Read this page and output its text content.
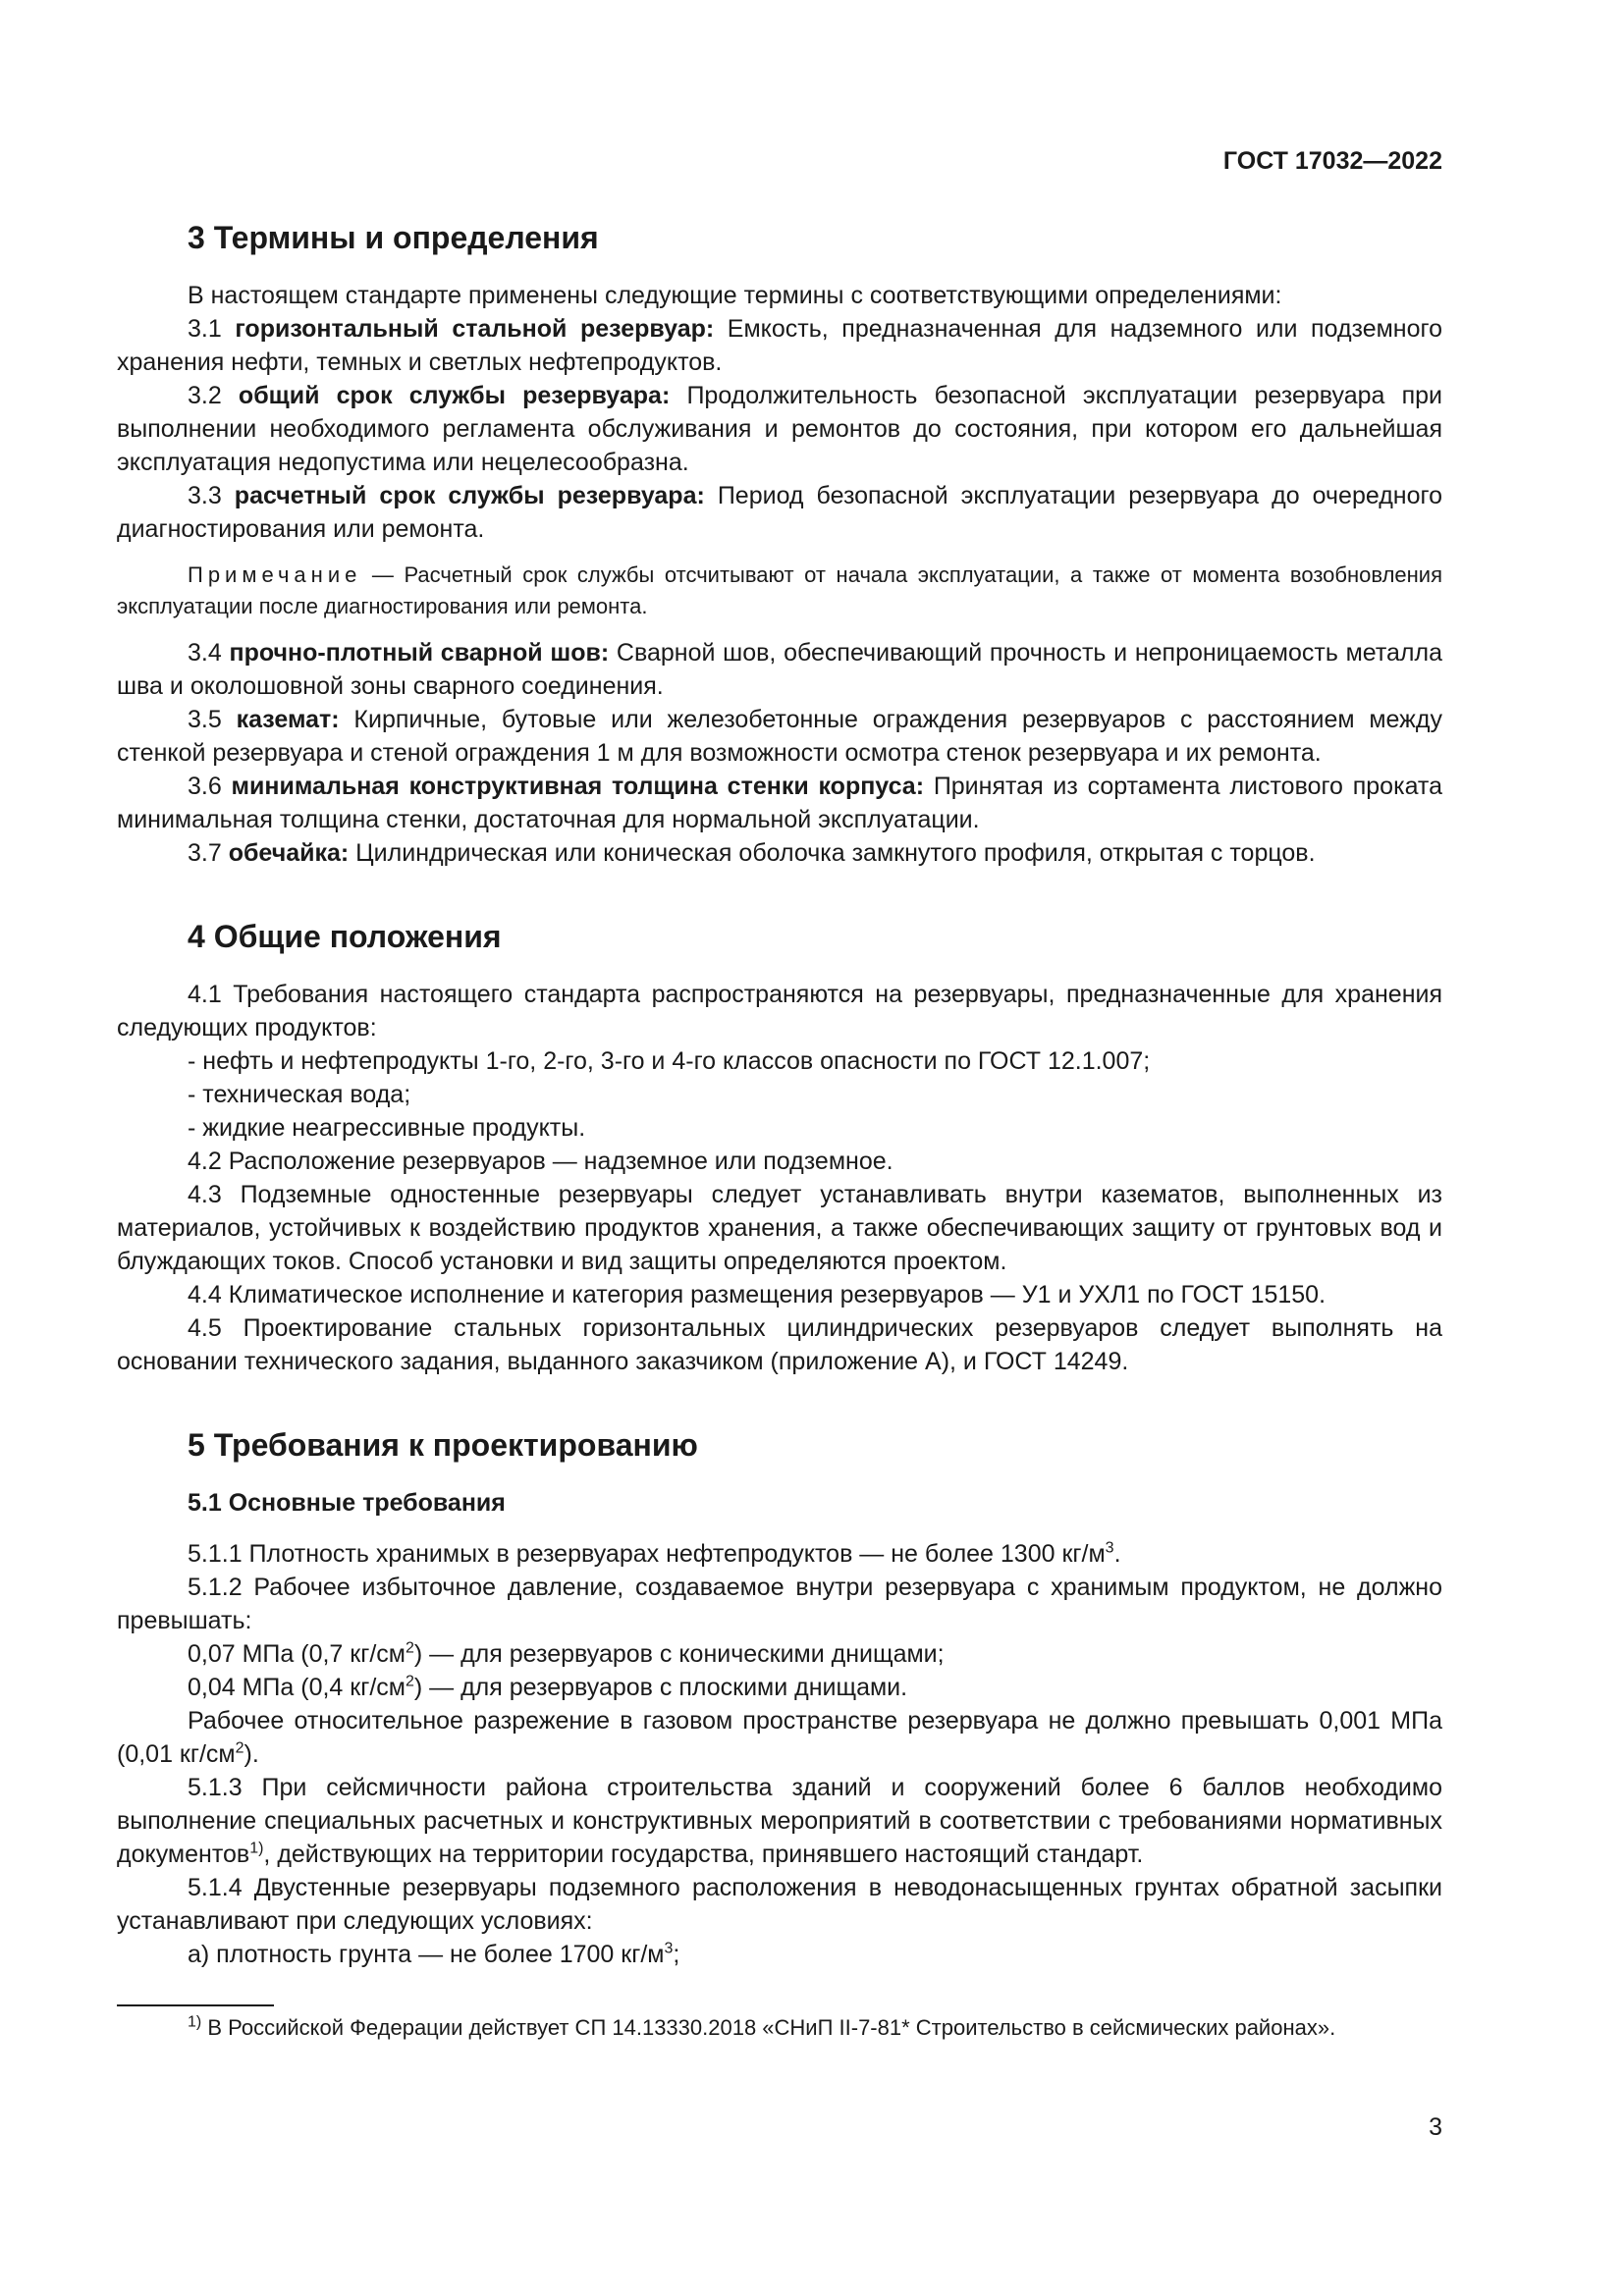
ГОСТ 17032—2022
3 Термины и определения

В настоящем стандарте применены следующие термины с соответствующими определениями:

3.1 горизонтальный стальной резервуар: Емкость, предназначенная для надземного или подземного хранения нефти, темных и светлых нефтепродуктов.

3.2 общий срок службы резервуара: Продолжительность безопасной эксплуатации резервуара при выполнении необходимого регламента обслуживания и ремонтов до состояния, при котором его дальнейшая эксплуатация недопустима или нецелесообразна.

3.3 расчетный срок службы резервуара: Период безопасной эксплуатации резервуара до очередного диагностирования или ремонта.

Примечание — Расчетный срок службы отсчитывают от начала эксплуатации, а также от момента возобновления эксплуатации после диагностирования или ремонта.

3.4 прочно-плотный сварной шов: Сварной шов, обеспечивающий прочность и непроницаемость металла шва и околошовной зоны сварного соединения.

3.5 каземат: Кирпичные, бутовые или железобетонные ограждения резервуаров с расстоянием между стенкой резервуара и стеной ограждения 1 м для возможности осмотра стенок резервуара и их ремонта.

3.6 минимальная конструктивная толщина стенки корпуса: Принятая из сортамента листового проката минимальная толщина стенки, достаточная для нормальной эксплуатации.

3.7 обечайка: Цилиндрическая или коническая оболочка замкнутого профиля, открытая с торцов.

4 Общие положения

4.1 Требования настоящего стандарта распространяются на резервуары, предназначенные для хранения следующих продуктов:

- нефть и нефтепродукты 1-го, 2-го, 3-го и 4-го классов опасности по ГОСТ 12.1.007;

- техническая вода;

- жидкие неагрессивные продукты.

4.2 Расположение резервуаров — надземное или подземное.

4.3 Подземные одностенные резервуары следует устанавливать внутри казематов, выполненных из материалов, устойчивых к воздействию продуктов хранения, а также обеспечивающих защиту от грунтовых вод и блуждающих токов. Способ установки и вид защиты определяются проектом.

4.4 Климатическое исполнение и категория размещения резервуаров — У1 и УХЛ1 по ГОСТ 15150.

4.5 Проектирование стальных горизонтальных цилиндрических резервуаров следует выполнять на основании технического задания, выданного заказчиком (приложение А), и ГОСТ 14249.

5 Требования к проектированию
5.1 Основные требования

5.1.1 Плотность хранимых в резервуарах нефтепродуктов — не более 1300 $кг/м^3$.

5.1.2 Рабочее избыточное давление, создаваемое внутри резервуара с хранимым продуктом, не должно превышать:

0,07 МПа (0,7 $кг/см^2$) — для резервуаров с коническими днищами;

0,04 МПа (0,4 $кг/см^2$) — для резервуаров с плоскими днищами.

Рабочее относительное разрежение в газовом пространстве резервуара не должно превышать 0,001 МПа (0,01 $кг/см^2$).

5.1.3 При сейсмичности района строительства зданий и сооружений более 6 баллов необходимо выполнение специальных расчетных и конструктивных мероприятий в соответствии с требованиями нормативных документов$^{1)}$, действующих на территории государства, принявшего настоящий стандарт.

5.1.4 Двустенные резервуары подземного расположения в неводонасыщенных грунтах обратной засыпки устанавливают при следующих условиях:

а) плотность грунта — не более 1700 $кг/м^3$;

$^{1)}$ В Российской Федерации действует СП 14.13330.2018 «СНиП II-7-81* Строительство в сейсмических районах».
3
